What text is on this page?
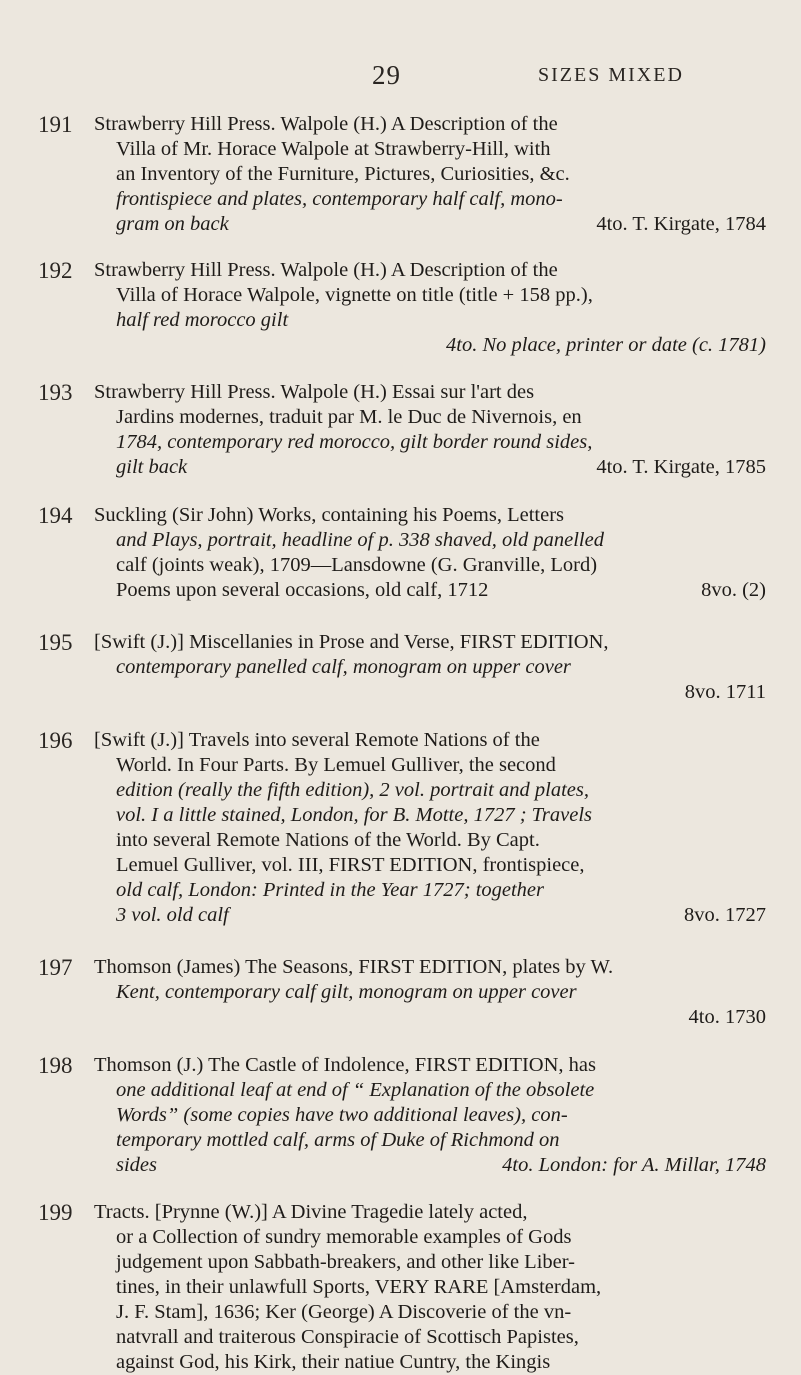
29	SIZES MIXED
191 Strawberry Hill Press. Walpole (H.) A Description of the
Villa of Mr. Horace Walpole at Strawberry-Hill, with
an Inventory of the Furniture, Pictures, Curiosities, &c.
frontispiece and plates, contemporary half calf, mono-
gram on back	4to. T. Kirgate, 1784
192 Strawberry Hill Press. Walpole (H.) A Description of the
Villa of Horace Walpole, vignette on title (title + 158 pp.),
half red morocco gilt
4to. No place, printer or date (c. 1781)
193 Strawberry Hill Press. Walpole (H.) Essai sur l'art des
Jardins modernes, traduit par M. le Duc de Nivernois, en
1784, contemporary red morocco, gilt border round sides,
gilt back	4to. T. Kirgate, 1785
194 Suckling (Sir John) Works, containing his Poems, Letters
and Plays, portrait, headline of p. 338 shaved, old panelled
calf (joints weak), 1709—Lansdowne (G. Granville, Lord)
Poems upon several occasions, old calf, 1712	8vo. (2)
195 [Swift (J.)] Miscellanies in Prose and Verse, FIRST EDITION,
contemporary panelled calf, monogram on upper cover
8vo. 1711
196 [Swift (J.)] Travels into several Remote Nations of the
World. In Four Parts. By Lemuel Gulliver, the second
edition (really the fifth edition), 2 vol. portrait and plates,
vol. I a little stained, London, for B. Motte, 1727 ; Travels
into several Remote Nations of the World. By Capt.
Lemuel Gulliver, vol. III, FIRST EDITION, frontispiece,
old calf, London: Printed in the Year 1727; together
3 vol. old calf	8vo. 1727
197 Thomson (James) The Seasons, FIRST EDITION, plates by W.
Kent, contemporary calf gilt, monogram on upper cover
4to. 1730
198 Thomson (J.) The Castle of Indolence, FIRST EDITION, has
one additional leaf at end of “ Explanation of the obsolete
Words” (some copies have two additional leaves), con-
temporary mottled calf, arms of Duke of Richmond on
sides	4to. London: for A. Millar, 1748
199 Tracts. [Prynne (W.)] A Divine Tragedie lately acted,
or a Collection of sundry memorable examples of Gods
judgement upon Sabbath-breakers, and other like Liber-
tines, in their unlawfull Sports, VERY RARE [Amsterdam,
J. F. Stam], 1636; Ker (George) A Discoverie of the vn-
natvrall and traiterous Conspiracie of Scottisch Papistes,
against God, his Kirk, their natiue Cuntry, the Kingis
